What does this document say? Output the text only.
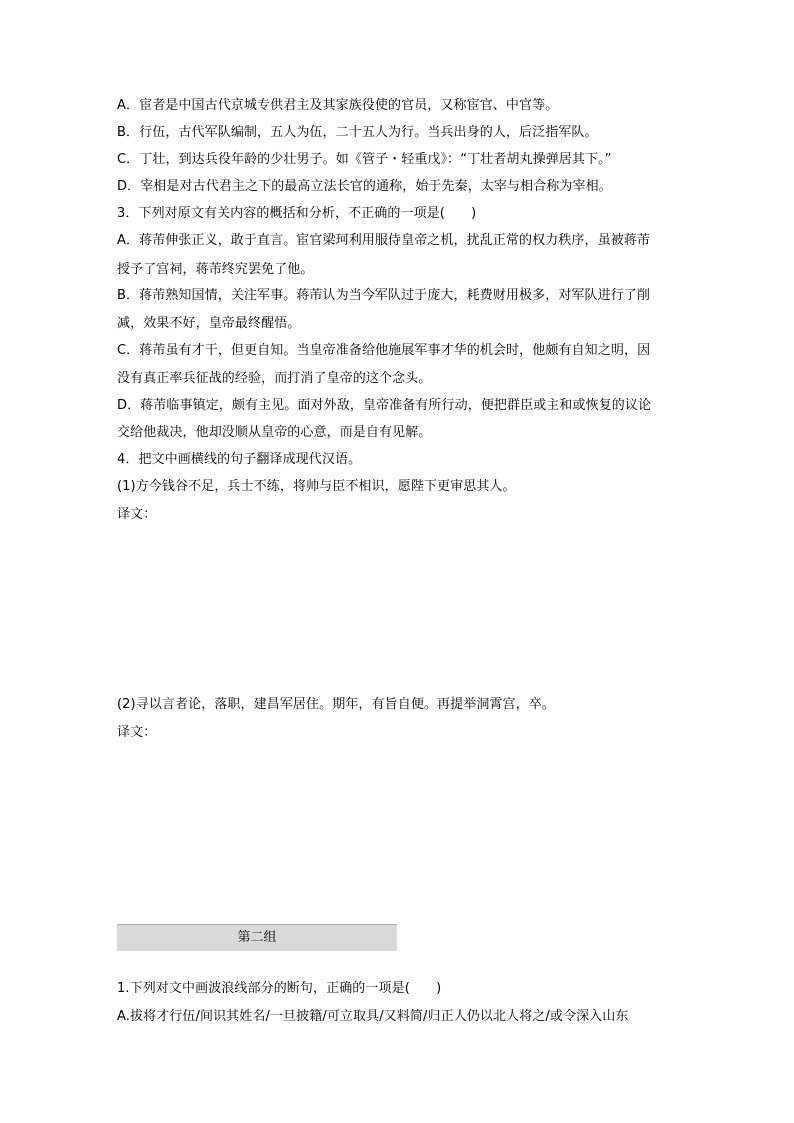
A．宦者是中国古代京城专供君主及其家族役使的官员，又称宦官、中官等。
B．行伍，古代军队编制，五人为伍，二十五人为行。当兵出身的人，后泛指军队。
C．丁壮，到达兵役年龄的少壮男子。如《管子・轻重戊》：“丁壮者胡丸操弹居其下。”
D．宰相是对古代君主之下的最高立法长官的通称，始于先秦，太宰与相合称为宰相。
3．下列对原文有关内容的概括和分析，不正确的一项是(　　)
A．蒋芾伸张正义，敢于直言。宦官梁珂利用服侍皇帝之机，扰乱正常的权力秩序，虽被蒋芾
授予了宫祠，蒋芾终究罢免了他。
B．蒋芾熟知国情，关注军事。蒋芾认为当今军队过于庞大，耗费财用极多，对军队进行了削
减，效果不好，皇帝最终醒悟。
C．蒋芾虽有才干，但更自知。当皇帝准备给他施展军事才华的机会时，他颇有自知之明，因
没有真正率兵征战的经验，而打消了皇帝的这个念头。
D．蒋芾临事镇定，颇有主见。面对外敌，皇帝准备有所行动，便把群臣或主和或恢复的议论
交给他裁决，他却没顺从皇帝的心意，而是自有见解。
4．把文中画横线的句子翻译成现代汉语。
(1)方今钱谷不足，兵士不练，将帅与臣不相识，愿陛下更审思其人。
译文：
(2)寻以言者论，落职，建昌军居住。期年，有旨自便。再提举洞霄宫，卒。
译文：
第二组
1.下列对文中画波浪线部分的断句，正确的一项是(　　)
A.拔将才行伍/间识其姓名/一旦披籍/可立取具/又料简/归正人仍以北人将之/或令深入山东
